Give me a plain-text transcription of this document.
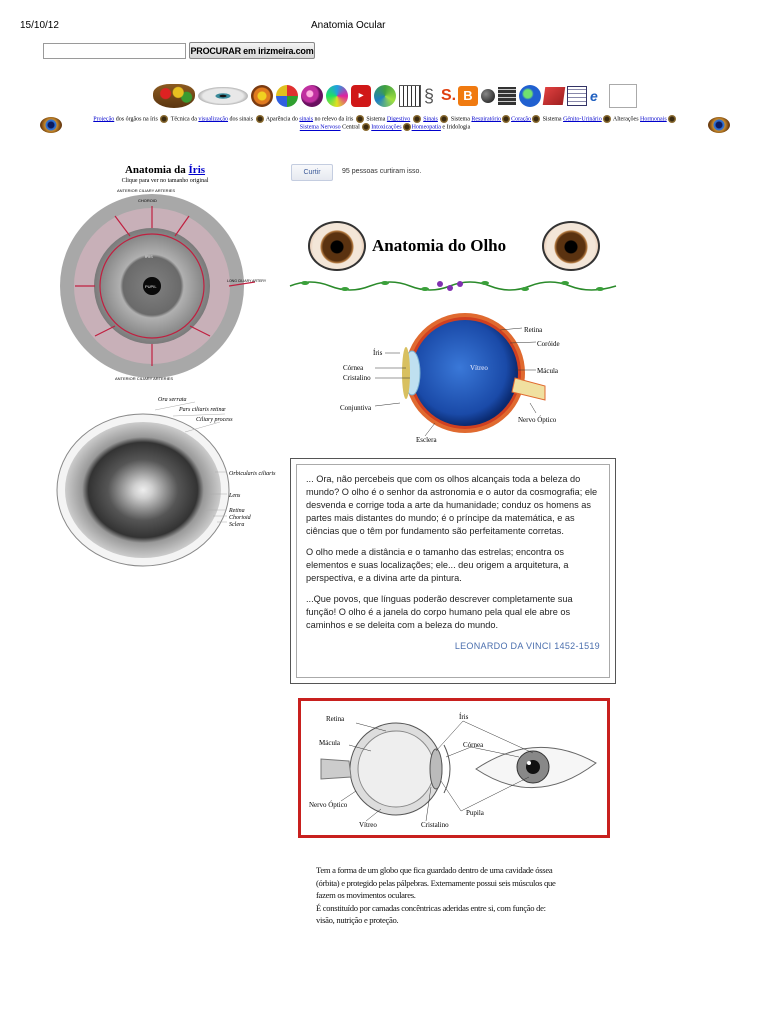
15/10/12	Anatomia Ocular
PROCURAR em irizmeira.com
▶	§ S. B	e
Projeção dos órgãos na íris  Técnica da visualização dos sinais  Aparência do sinais no relevo da íris  Sistema Digestivo Sinais  Sistema Respiratório Coração Sistema Génito-Urinário Alterações Hormonais
Sistema Nervoso Central Intoxicações Homeopatia e Iridologia
Anatomia da Íris
Clique para ver no tamanho original
ANTERIOR CILIARY ARTERIES
CHOROID
IRIS
PUPIL
LONG CILIARY ARTERY
ANTERIOR CILIARY ARTERIES
Ora serrata
Pars ciliaris retinæ
Ciliary process
Orbicularis ciliaris
Lens
Retina
Chorioid
Sclera
Curtir	95 pessoas curtiram isso.
Anatomia do Olho
Retina
Coróide
Íris
Córnea
Cristalino
Vítreo	Mácula
Conjuntiva
Nervo Óptico
Esclera

... Ora, não percebeis que com os olhos alcançais toda a beleza do mundo? O olho é o senhor da astronomia e o autor da cosmografia; ele desvenda e corrige toda a arte da humanidade; conduz os homens as partes mais distantes do mundo; é o príncipe da matemática, e as ciências que o têm por fundamento são perfeitamente corretas.

O olho mede a distância e o tamanho das estrelas; encontra os elementos e suas localizações; ele... deu origem a arquitetura, a perspectiva, e a divina arte da pintura.

...Que povos, que línguas poderão descrever completamente sua função! O olho é a janela do corpo humano pela qual ele abre os caminhos e se deleita com a beleza do mundo.

LEONARDO DA VINCI 1452-1519
Retina	Íris
Mácula	Córnea
Nervo Óptico
Pupila
Vítreo	Cristalino
Tem a forma de um globo que fica guardado dentro de uma cavidade óssea
(órbita) e protegido pelas pálpebras. Externamente possui seis músculos que
fazem os movimentos oculares.
É constituído por camadas concêntricas aderidas entre si, com função de:
visão, nutrição e proteção.
